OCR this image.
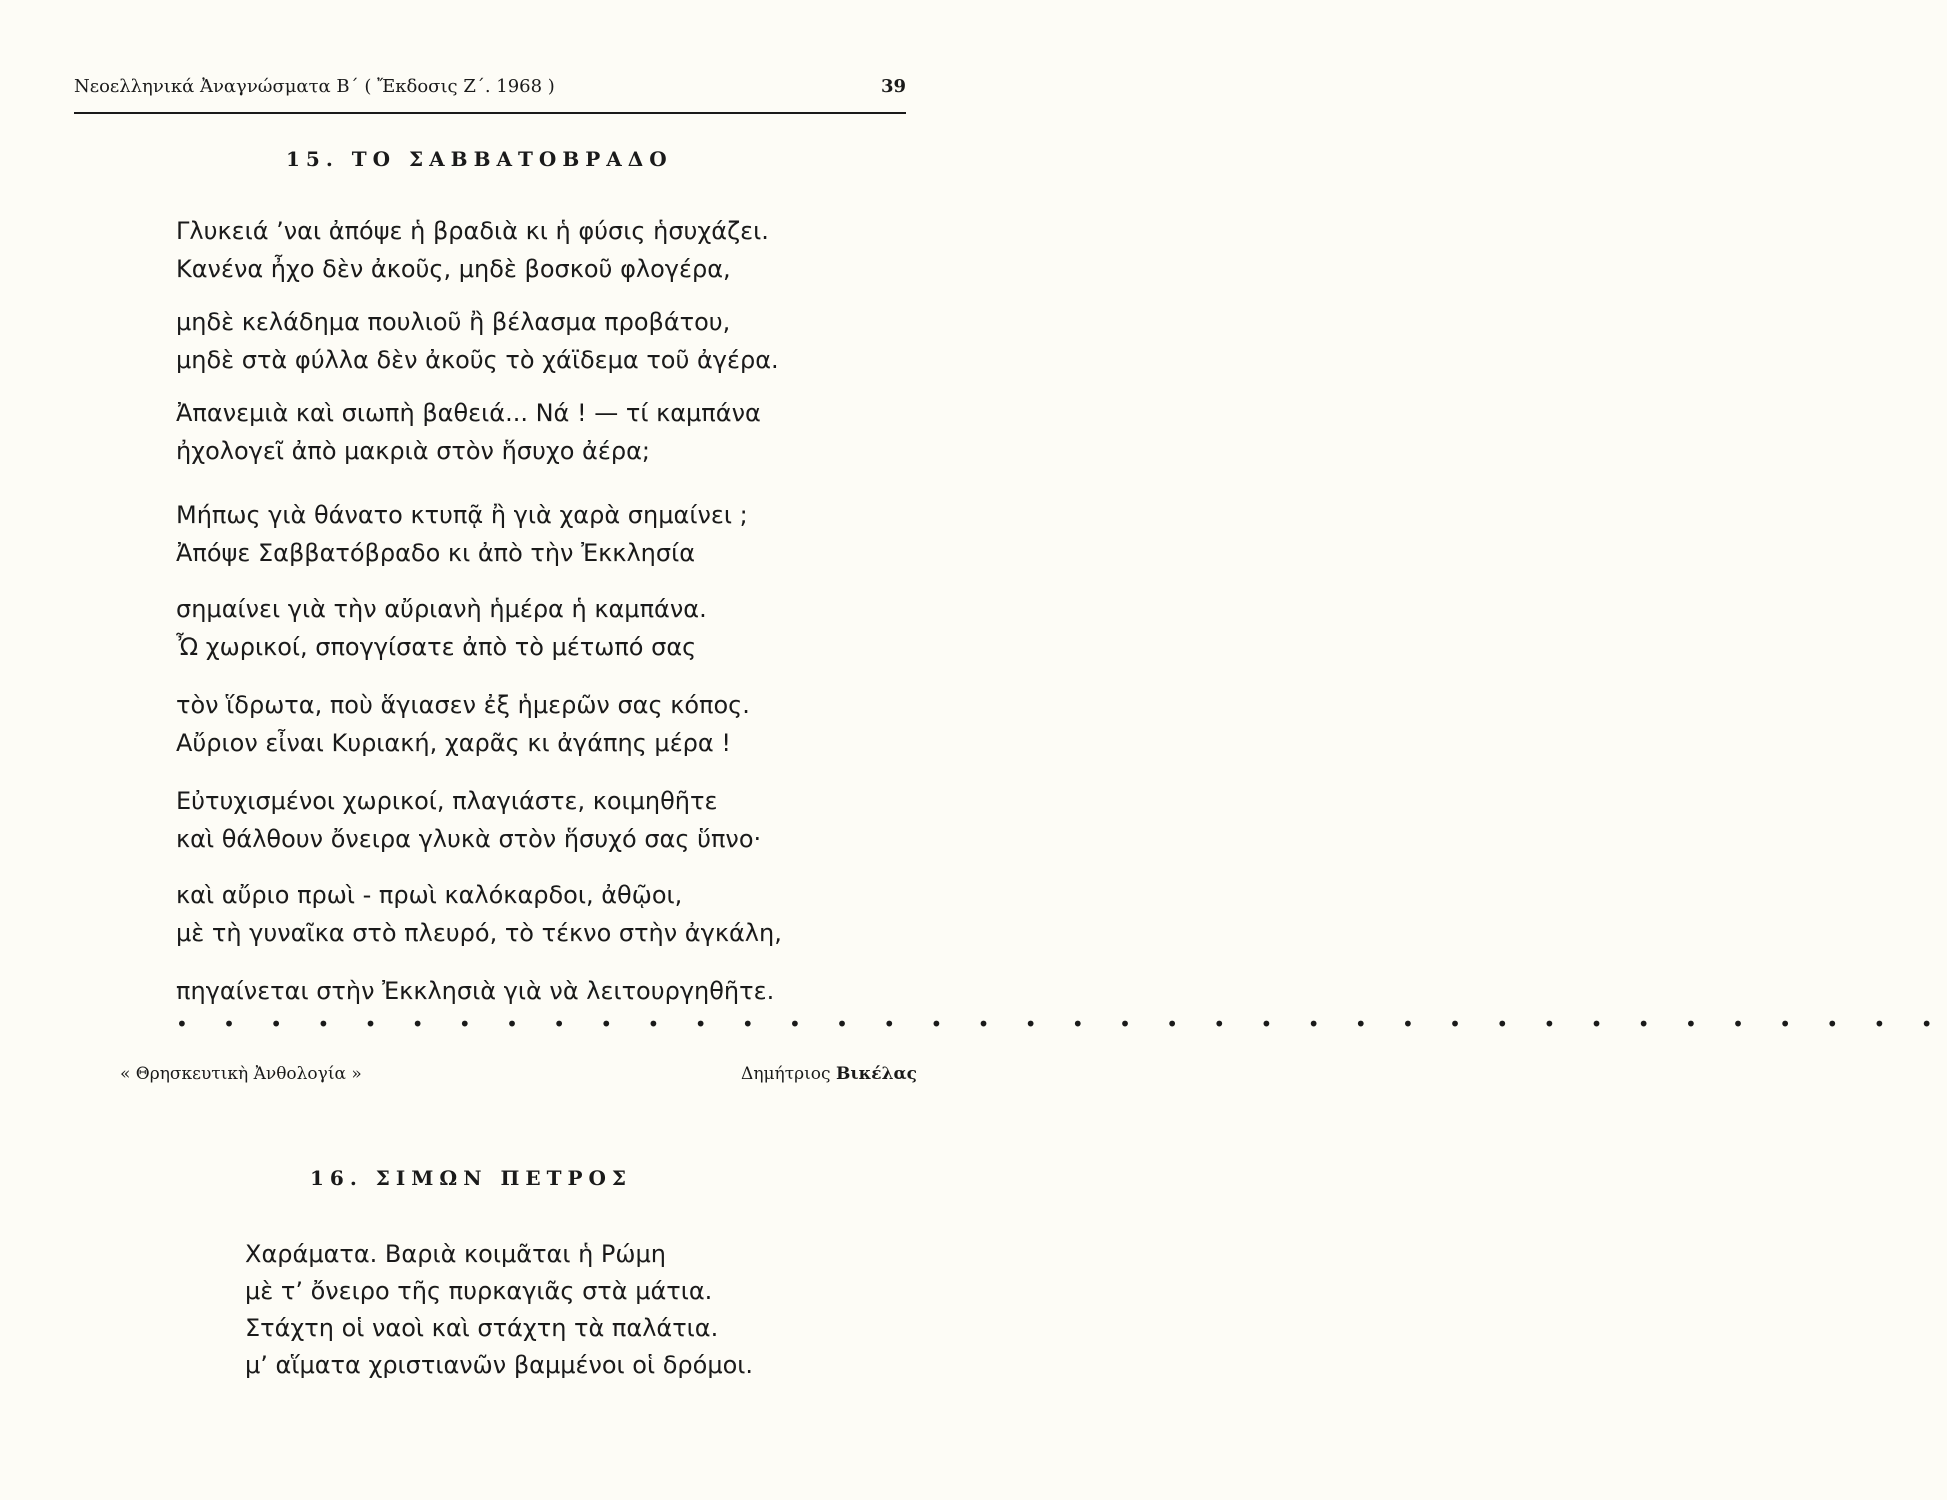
Νεοελληνικά Ἀναγνώσματα Β΄ ( Ἔκδοσις Ζ΄. 1968 )	39
15. ΤΟ ΣΑΒΒΑΤΟΒΡΑΔΟ
Γλυκειά ’ναι ἀπόψε ἡ βραδιὰ κι ἡ φύσις ἡσυχάζει.
Κανένα ἦχο δὲν ἀκοῦς, μηδὲ βοσκοῦ φλογέρα,
μηδὲ κελάδημα πουλιοῦ ἢ βέλασμα προβάτου,
μηδὲ στὰ φύλλα δὲν ἀκοῦς τὸ χάϊδεμα τοῦ ἀγέρα.
Ἀπανεμιὰ καὶ σιωπὴ βαθειά... Νά ! — τί καμπάνα
ἠχολογεῖ ἀπὸ μακριὰ στὸν ἥσυχο ἀέρα;
Μήπως γιὰ θάνατο κτυπᾷ ἢ γιὰ χαρὰ σημαίνει ;
Ἀπόψε Σαββατόβραδο κι ἀπὸ τὴν Ἐκκλησία
σημαίνει γιὰ τὴν αὔριανὴ ἡμέρα ἡ καμπάνα.
Ὦ χωρικοί, σπογγίσατε ἀπὸ τὸ μέτωπό σας
τὸν ἵδρωτα, ποὺ ἅγιασεν ἐξ ἡμερῶν σας κόπος.
Αὔριον εἶναι Κυριακή, χαρᾶς κι ἀγάπης μέρα !
Εὐτυχισμένοι χωρικοί, πλαγιάστε, κοιμηθῆτε
καὶ θάλθουν ὄνειρα γλυκὰ στὸν ἥσυχό σας ὕπνο·
καὶ αὔριο πρωὶ - πρωὶ καλόκαρδοι, ἀθῷοι,
μὲ τὴ γυναῖκα στὸ πλευρό, τὸ τέκνο στὴν ἀγκάλη,
πηγαίνεται στὴν Ἐκκλησιὰ γιὰ νὰ λειτουργηθῆτε.
• • • • • • • • • • • • • • • • • • • • • • • • • • • • • • • • • • • • • •
« Θρησκευτικὴ Ἀνθολογία »	Δημήτριος Βικέλας
16. ΣΙΜΩΝ ΠΕΤΡΟΣ
Χαράματα. Βαριὰ κοιμᾶται ἡ Ρώμη
μὲ τ’ ὄνειρο τῆς πυρκαγιᾶς στὰ μάτια.
Στάχτη οἱ ναοὶ καὶ στάχτη τὰ παλάτια.
μ’ αἵματα χριστιανῶν βαμμένοι οἱ δρόμοι.
